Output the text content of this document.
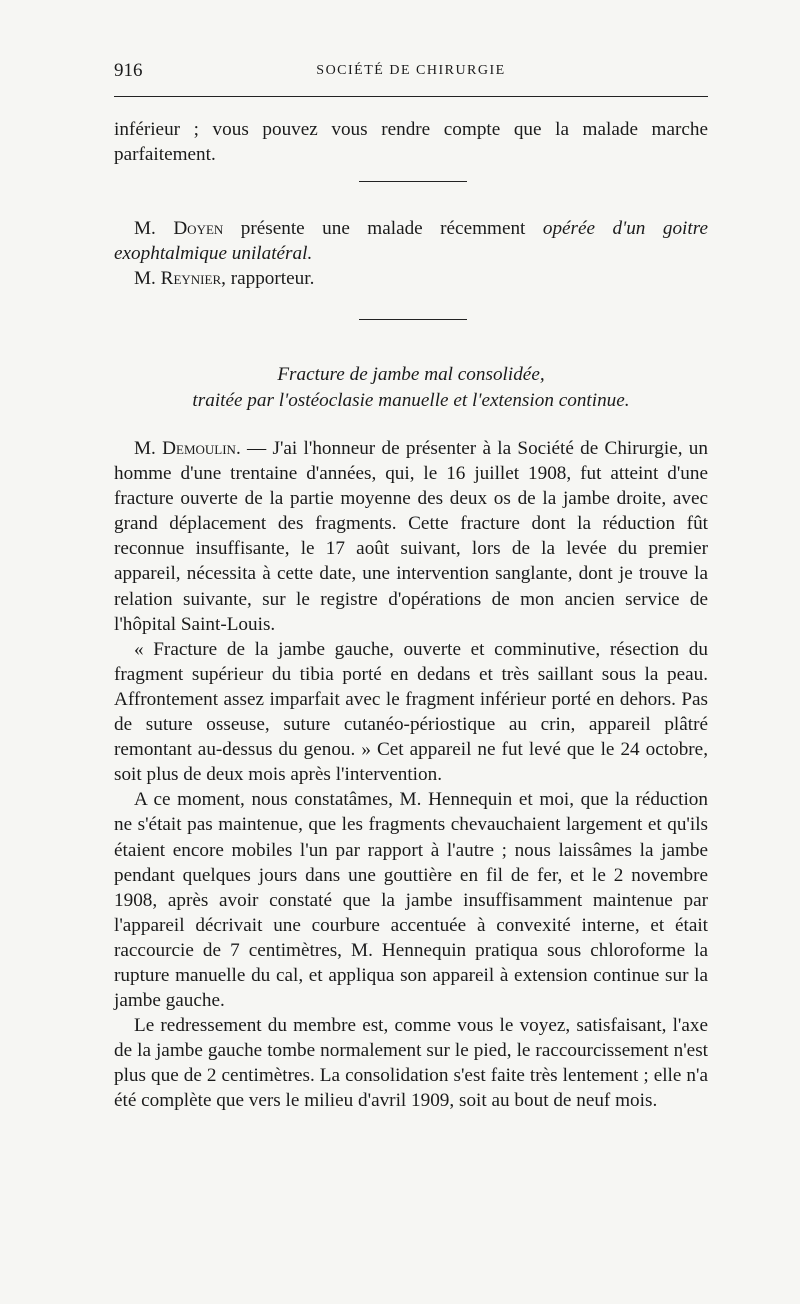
916	SOCIÉTÉ DE CHIRURGIE

inférieur ; vous pouvez vous rendre compte que la malade marche parfaitement.

M. Doyen présente une malade récemment opérée d'un goitre exophtalmique unilatéral.

M. Reynier, rapporteur.

Fracture de jambe mal consolidée,
traitée par l'ostéoclasie manuelle et l'extension continue.

M. Demoulin. — J'ai l'honneur de présenter à la Société de Chirurgie, un homme d'une trentaine d'années, qui, le 16 juillet 1908, fut atteint d'une fracture ouverte de la partie moyenne des deux os de la jambe droite, avec grand déplacement des fragments. Cette fracture dont la réduction fût reconnue insuffisante, le 17 août suivant, lors de la levée du premier appareil, nécessita à cette date, une intervention sanglante, dont je trouve la relation suivante, sur le registre d'opérations de mon ancien service de l'hôpital Saint-Louis.

« Fracture de la jambe gauche, ouverte et comminutive, résection du fragment supérieur du tibia porté en dedans et très saillant sous la peau. Affrontement assez imparfait avec le fragment inférieur porté en dehors. Pas de suture osseuse, suture cutanéo-périostique au crin, appareil plâtré remontant au-dessus du genou. » Cet appareil ne fut levé que le 24 octobre, soit plus de deux mois après l'intervention.

A ce moment, nous constatâmes, M. Hennequin et moi, que la réduction ne s'était pas maintenue, que les fragments chevauchaient largement et qu'ils étaient encore mobiles l'un par rapport à l'autre ; nous laissâmes la jambe pendant quelques jours dans une gouttière en fil de fer, et le 2 novembre 1908, après avoir constaté que la jambe insuffisamment maintenue par l'appareil décrivait une courbure accentuée à convexité interne, et était raccourcie de 7 centimètres, M. Hennequin pratiqua sous chloroforme la rupture manuelle du cal, et appliqua son appareil à extension continue sur la jambe gauche.

Le redressement du membre est, comme vous le voyez, satisfaisant, l'axe de la jambe gauche tombe normalement sur le pied, le raccourcissement n'est plus que de 2 centimètres. La consolidation s'est faite très lentement ; elle n'a été complète que vers le milieu d'avril 1909, soit au bout de neuf mois.
